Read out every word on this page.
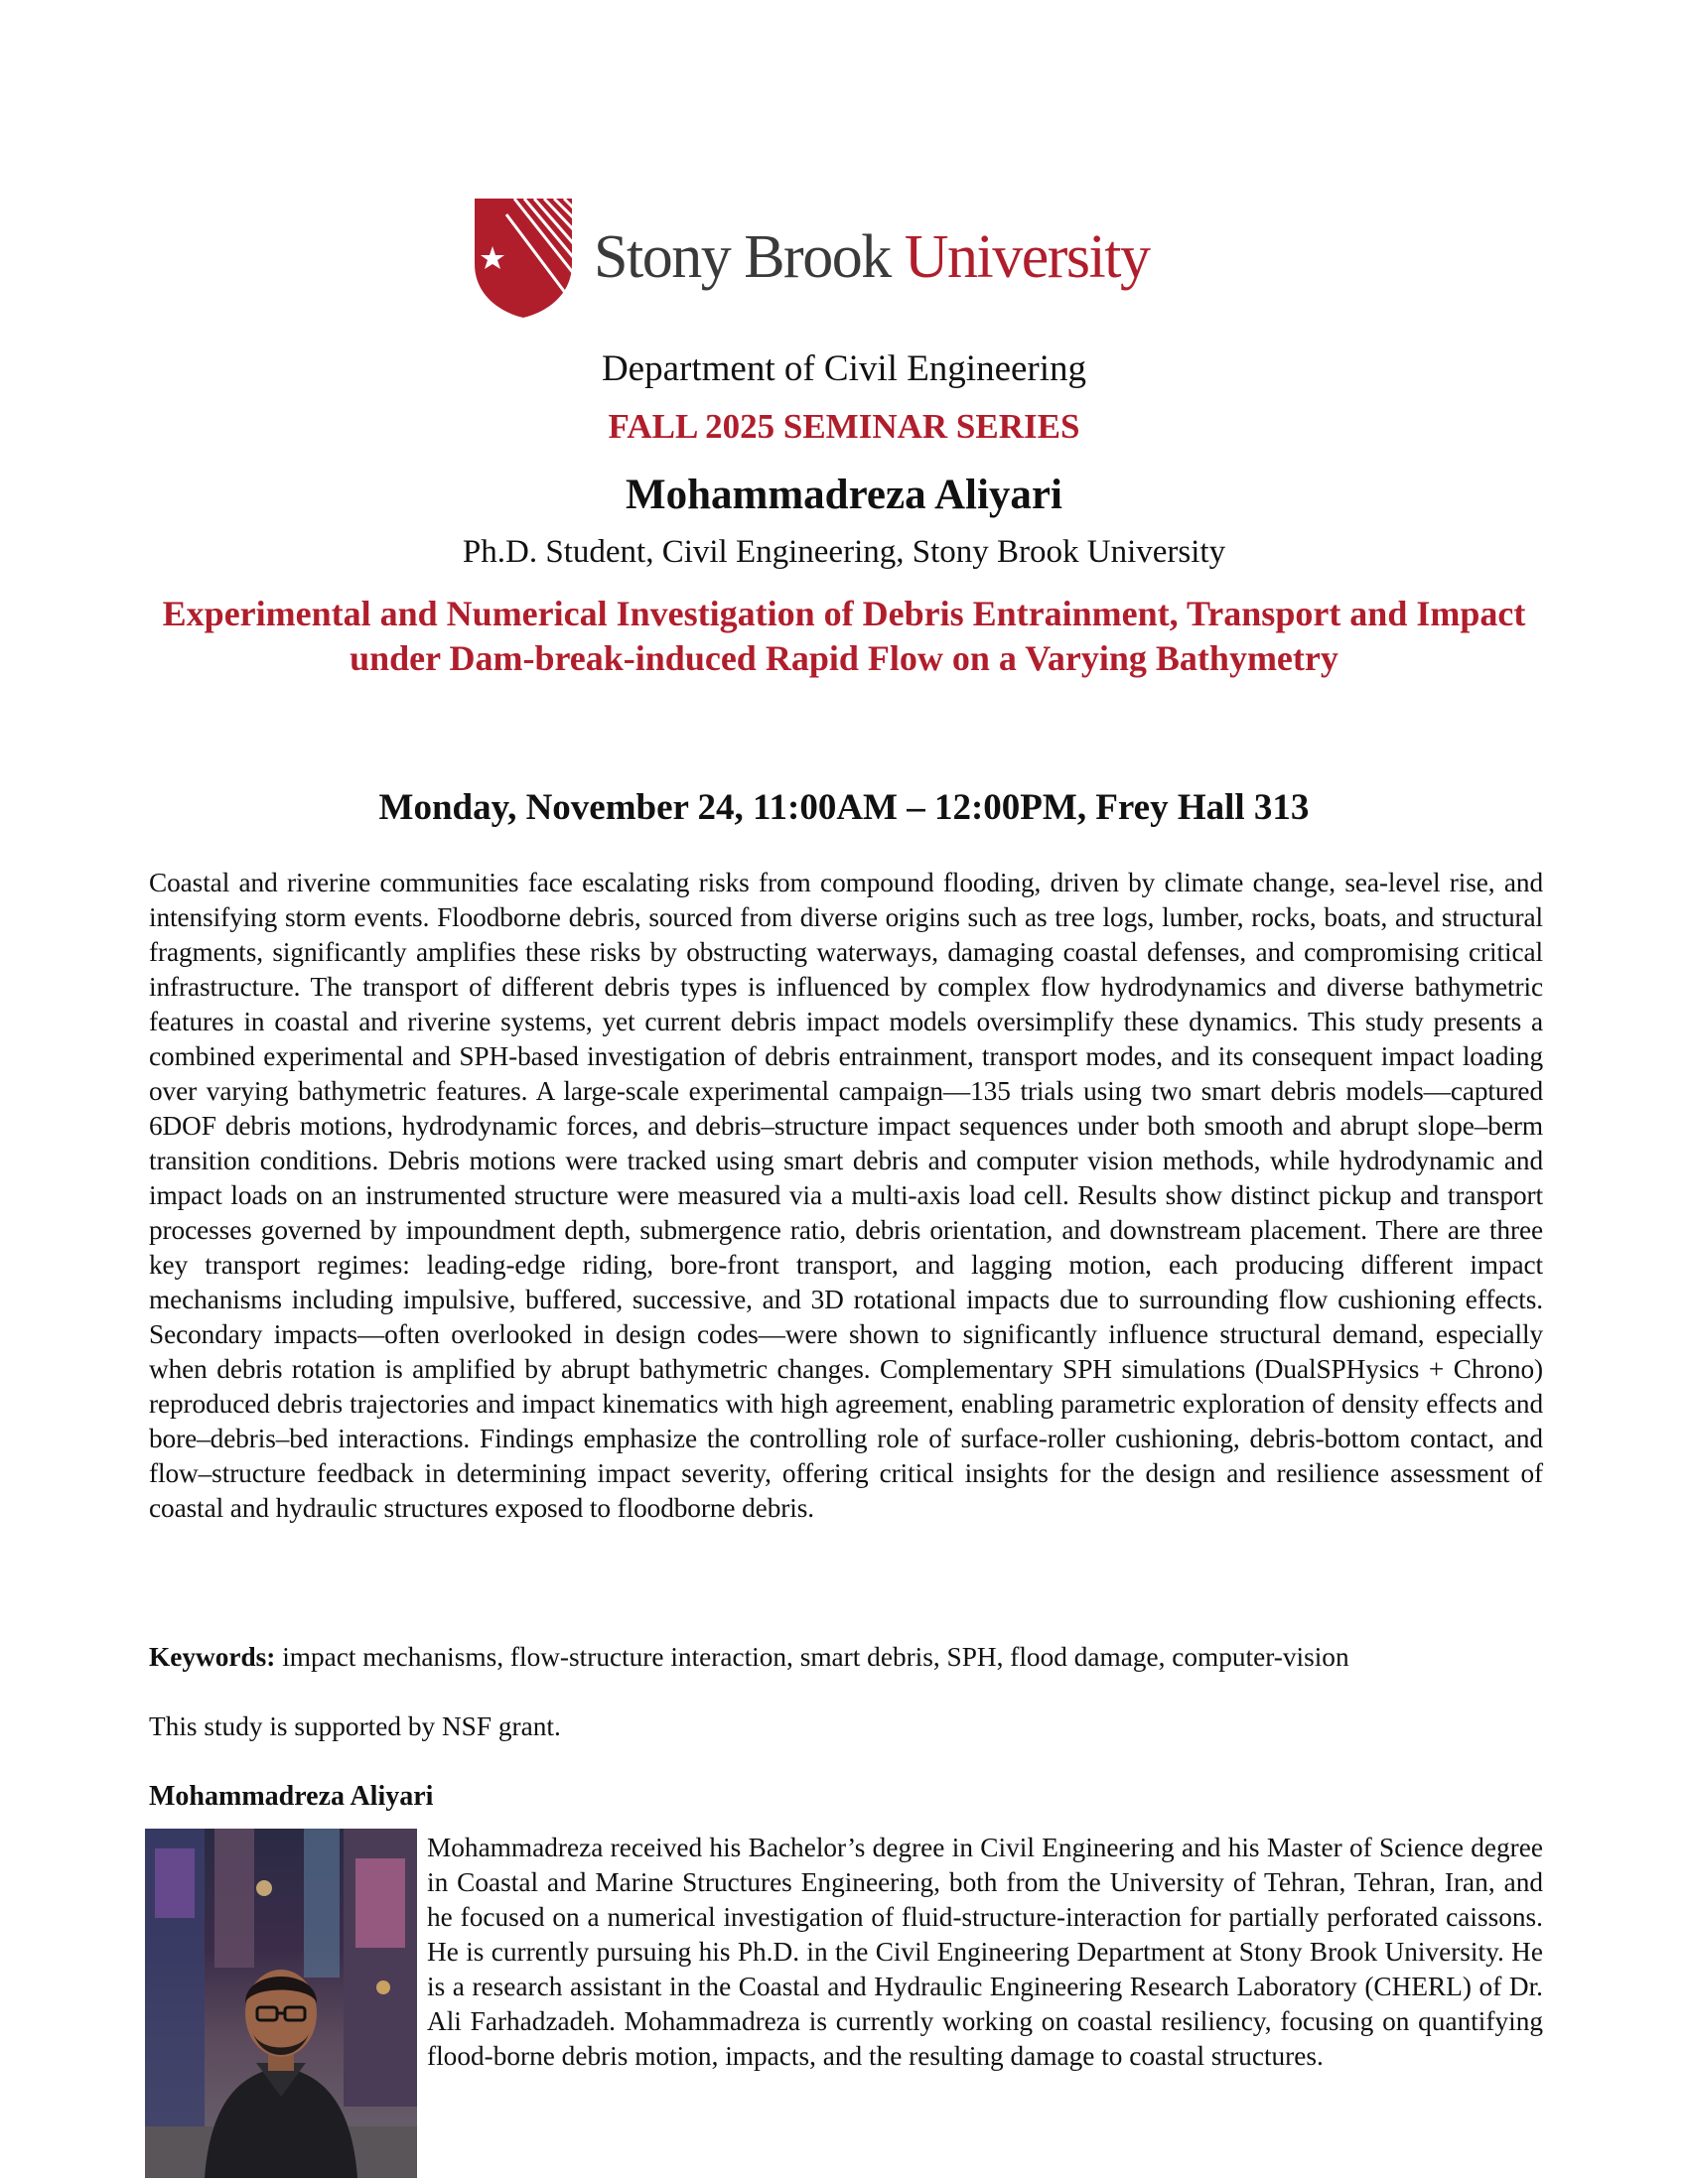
Stony Brook University
Department of Civil Engineering
FALL 2025 SEMINAR SERIES
Mohammadreza Aliyari
Ph.D. Student, Civil Engineering, Stony Brook University
Experimental and Numerical Investigation of Debris Entrainment, Transport and Impact under Dam-break-induced Rapid Flow on a Varying Bathymetry
Monday, November 24, 11:00AM – 12:00PM, Frey Hall 313
Coastal and riverine communities face escalating risks from compound flooding, driven by climate change, sea-level rise, and intensifying storm events. Floodborne debris, sourced from diverse origins such as tree logs, lumber, rocks, boats, and structural fragments, significantly amplifies these risks by obstructing waterways, damaging coastal defenses, and compromising critical infrastructure. The transport of different debris types is influenced by complex flow hydrodynamics and diverse bathymetric features in coastal and riverine systems, yet current debris impact models oversimplify these dynamics. This study presents a combined experimental and SPH-based investigation of debris entrainment, transport modes, and its consequent impact loading over varying bathymetric features. A large-scale experimental campaign—135 trials using two smart debris models—captured 6DOF debris motions, hydrodynamic forces, and debris–structure impact sequences under both smooth and abrupt slope–berm transition conditions. Debris motions were tracked using smart debris and computer vision methods, while hydrodynamic and impact loads on an instrumented structure were measured via a multi-axis load cell. Results show distinct pickup and transport processes governed by impoundment depth, submergence ratio, debris orientation, and downstream placement. There are three key transport regimes: leading-edge riding, bore-front transport, and lagging motion, each producing different impact mechanisms including impulsive, buffered, successive, and 3D rotational impacts due to surrounding flow cushioning effects. Secondary impacts—often overlooked in design codes—were shown to significantly influence structural demand, especially when debris rotation is amplified by abrupt bathymetric changes. Complementary SPH simulations (DualSPHysics + Chrono) reproduced debris trajectories and impact kinematics with high agreement, enabling parametric exploration of density effects and bore–debris–bed interactions. Findings emphasize the controlling role of surface-roller cushioning, debris-bottom contact, and flow–structure feedback in determining impact severity, offering critical insights for the design and resilience assessment of coastal and hydraulic structures exposed to floodborne debris.
Keywords: impact mechanisms, flow-structure interaction, smart debris, SPH, flood damage, computer-vision
This study is supported by NSF grant.
Mohammadreza Aliyari
Mohammadreza received his Bachelor’s degree in Civil Engineering and his Master of Science degree in Coastal and Marine Structures Engineering, both from the University of Tehran, Tehran, Iran, and he focused on a numerical investigation of fluid-structure-interaction for partially perforated caissons. He is currently pursuing his Ph.D. in the Civil Engineering Department at Stony Brook University. He is a research assistant in the Coastal and Hydraulic Engineering Research Laboratory (CHERL) of Dr. Ali Farhadzadeh. Mohammadreza is currently working on coastal resiliency, focusing on quantifying flood-borne debris motion, impacts, and the resulting damage to coastal structures.
